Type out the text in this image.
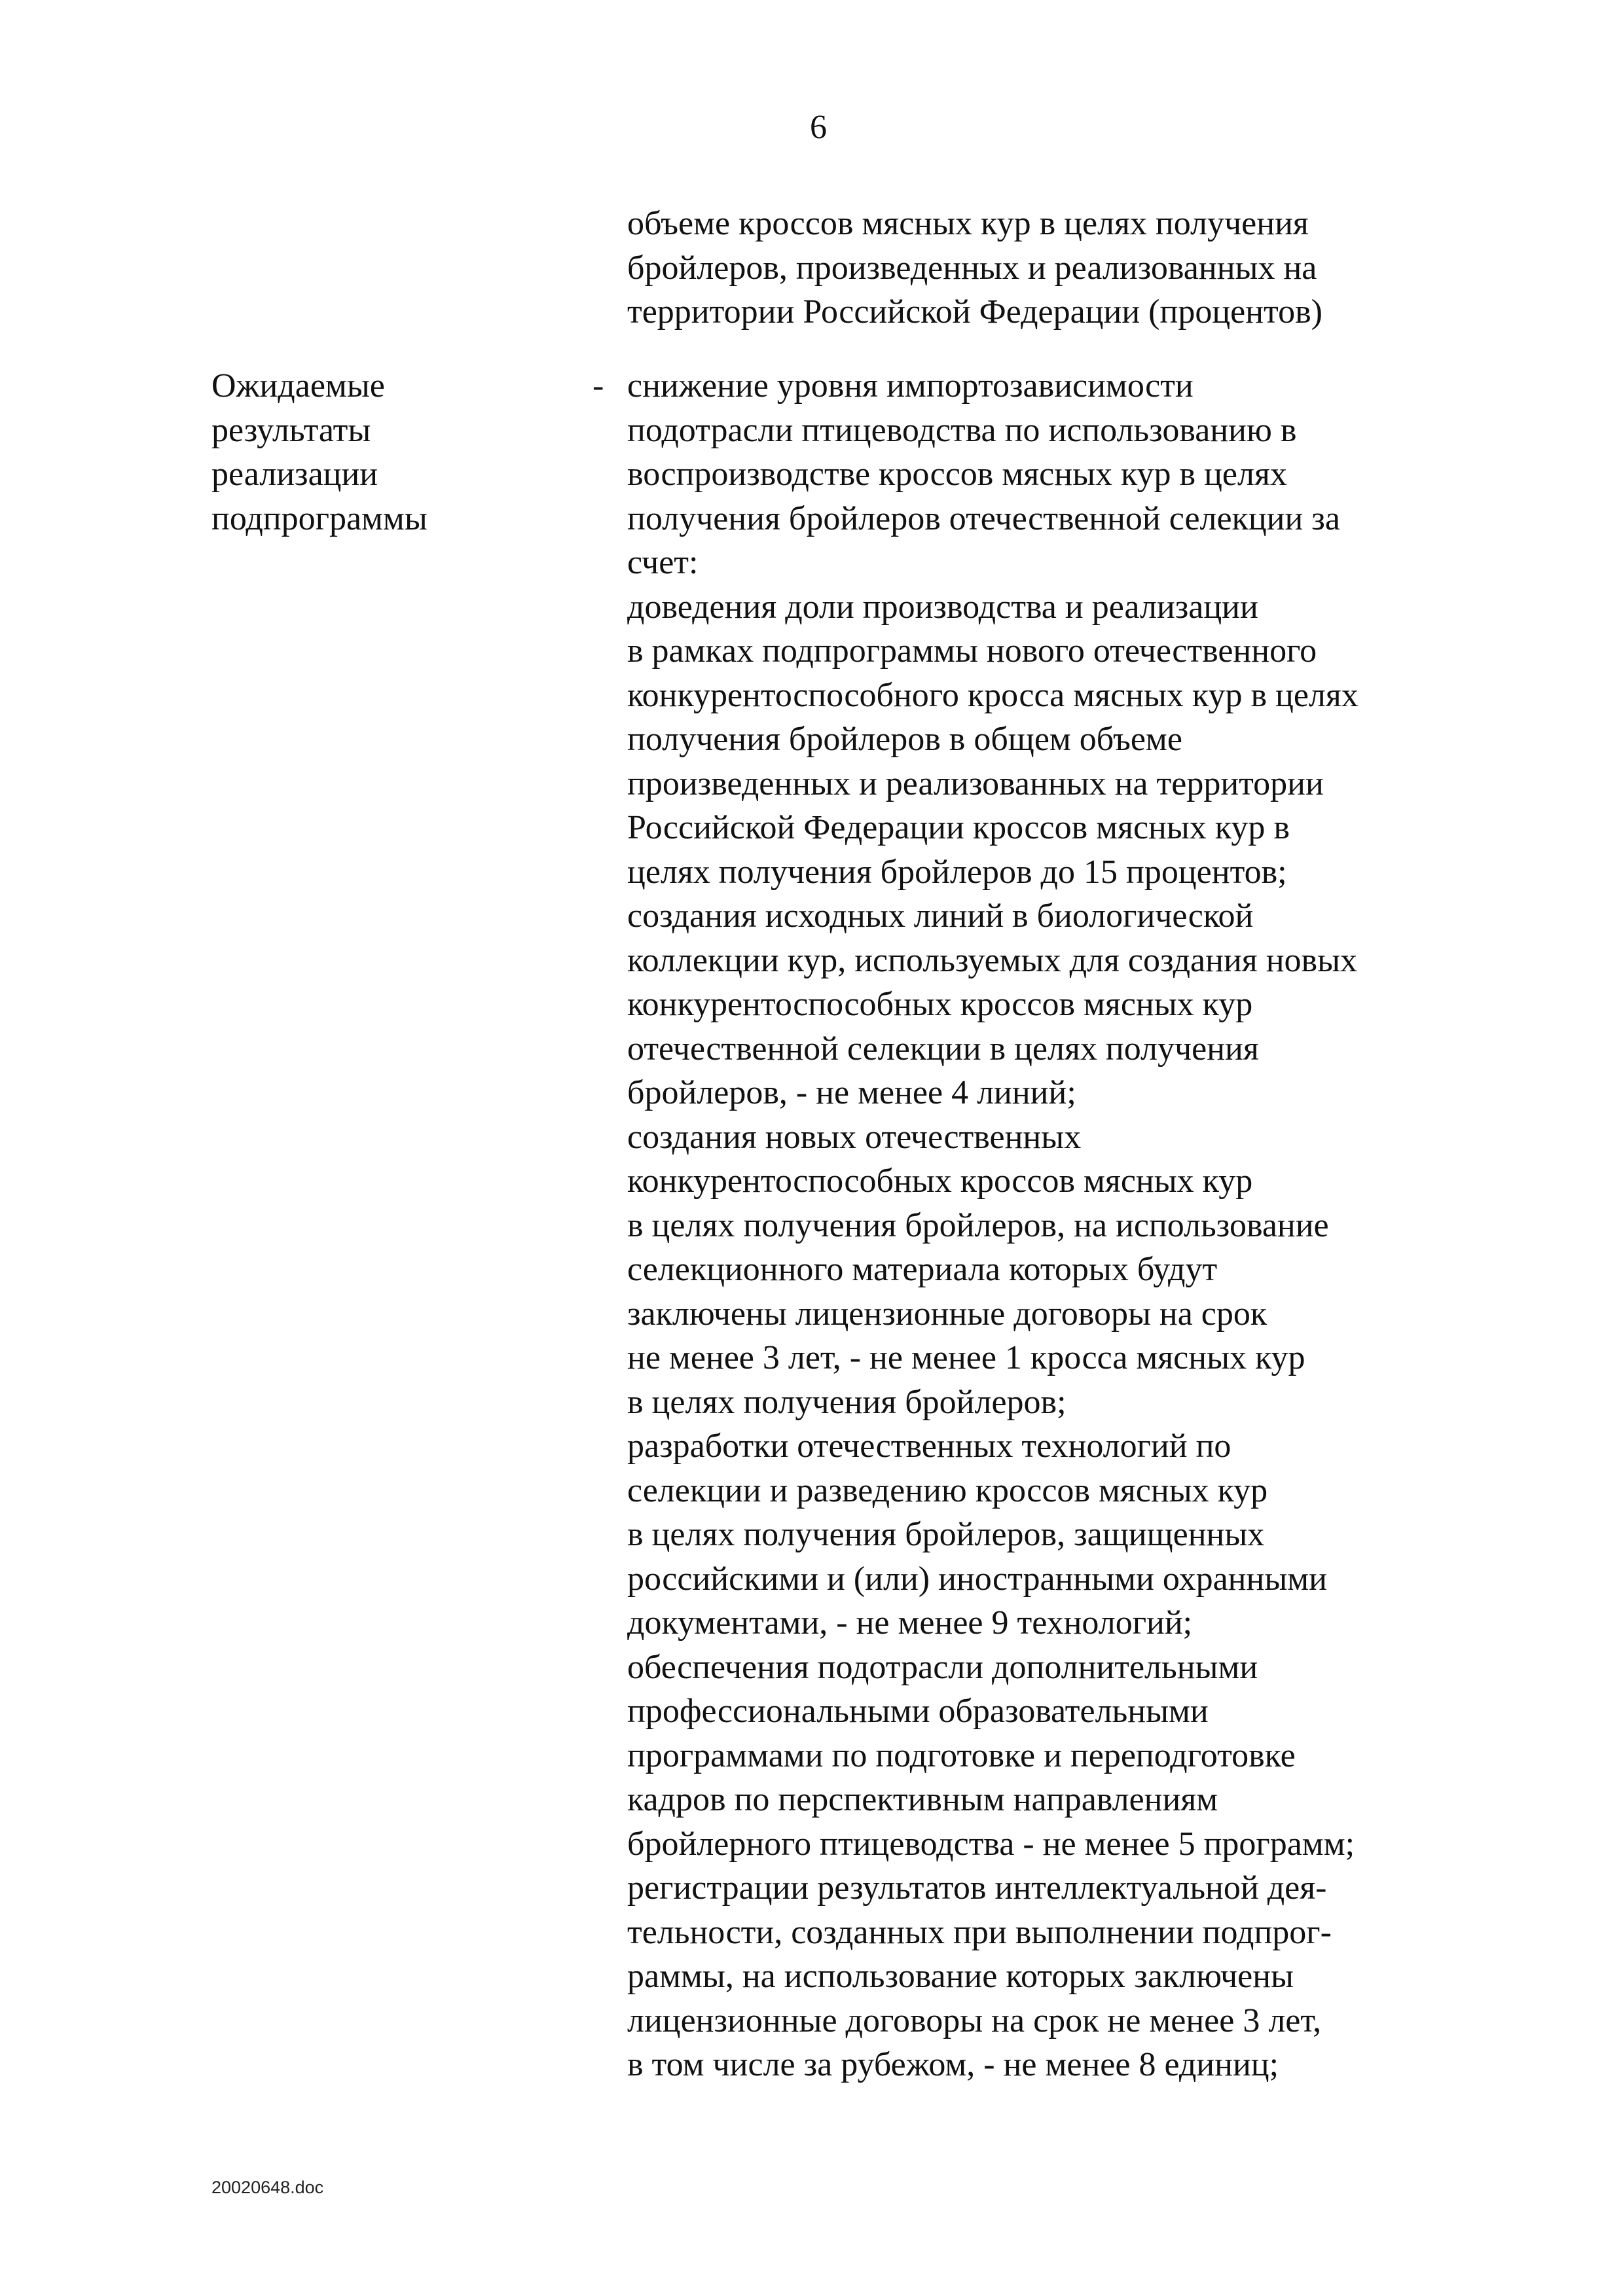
6
объеме кроссов мясных кур в целях получения
бройлеров, произведенных и реализованных на
территории Российской Федерации (процентов)
Ожидаемые
результаты
реализации
подпрограммы
- снижение уровня импортозависимости
подотрасли птицеводства по использованию в
воспроизводстве кроссов мясных кур в целях
получения бройлеров отечественной селекции за
счет:
доведения доли производства и реализации
в рамках подпрограммы нового отечественного
конкурентоспособного кросса мясных кур в целях
получения бройлеров в общем объеме
произведенных и реализованных на территории
Российской Федерации кроссов мясных кур в
целях получения бройлеров до 15 процентов;
создания исходных линий в биологической
коллекции кур, используемых для создания новых
конкурентоспособных кроссов мясных кур
отечественной селекции в целях получения
бройлеров, - не менее 4 линий;
создания новых отечественных
конкурентоспособных кроссов мясных кур
в целях получения бройлеров, на использование
селекционного материала которых будут
заключены лицензионные договоры на срок
не менее 3 лет, - не менее 1 кросса мясных кур
в целях получения бройлеров;
разработки отечественных технологий по
селекции и разведению кроссов мясных кур
в целях получения бройлеров, защищенных
российскими и (или) иностранными охранными
документами, - не менее 9 технологий;
обеспечения подотрасли дополнительными
профессиональными образовательными
программами по подготовке и переподготовке
кадров по перспективным направлениям
бройлерного птицеводства - не менее 5 программ;
регистрации результатов интеллектуальной дея-
тельности, созданных при выполнении подпрог-
раммы, на использование которых заключены
лицензионные договоры на срок не менее 3 лет,
в том числе за рубежом, - не менее 8 единиц;
20020648.doc
